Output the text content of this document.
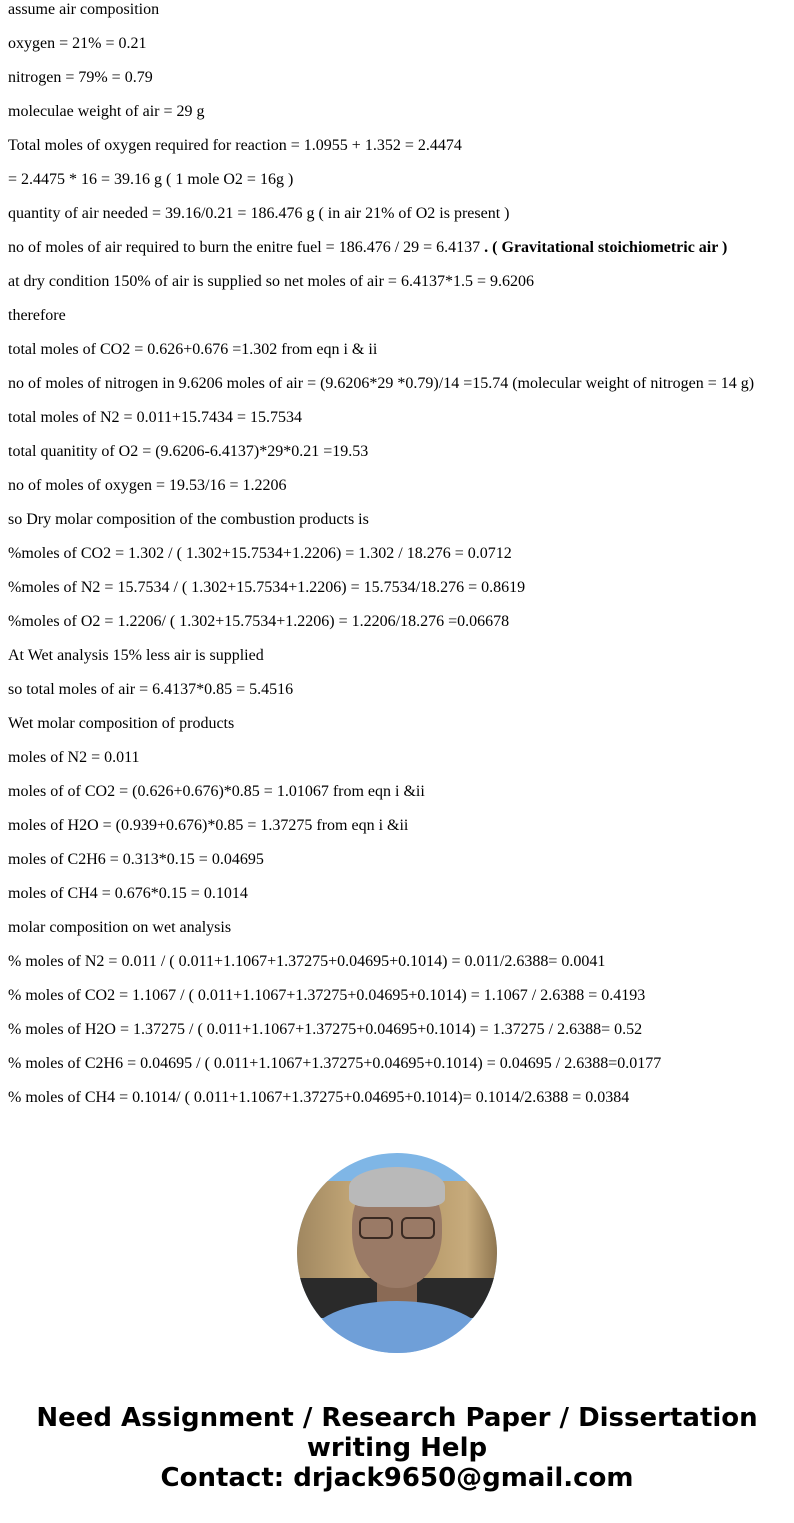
assume air composition

oxygen = 21% = 0.21

nitrogen = 79% = 0.79

moleculae weight of air = 29 g

Total moles of oxygen required for reaction = 1.0955 + 1.352 = 2.4474

= 2.4475 * 16 = 39.16 g ( 1 mole O2 = 16g )

quantity of air needed = 39.16/0.21 = 186.476 g ( in air 21% of O2 is present )

no of moles of air required to burn the enitre fuel = 186.476 / 29 = 6.4137 . ( Gravitational stoichiometric air )

at dry condition 150% of air is supplied so net moles of air = 6.4137*1.5 = 9.6206

therefore

total moles of CO2 = 0.626+0.676 =1.302 from eqn i & ii

no of moles of nitrogen in 9.6206 moles of air = (9.6206*29 *0.79)/14 =15.74 (molecular weight of nitrogen = 14 g)

total moles of N2 = 0.011+15.7434 = 15.7534

total quanitity of O2 = (9.6206-6.4137)*29*0.21 =19.53

no of moles of oxygen = 19.53/16 = 1.2206

so Dry molar composition of the combustion products is

%moles of CO2 = 1.302 / ( 1.302+15.7534+1.2206) = 1.302 / 18.276 = 0.0712

%moles of N2 = 15.7534 / ( 1.302+15.7534+1.2206) = 15.7534/18.276 = 0.8619

%moles of O2 = 1.2206/ ( 1.302+15.7534+1.2206) = 1.2206/18.276 =0.06678

At Wet analysis 15% less air is supplied

so total moles of air = 6.4137*0.85 = 5.4516

Wet molar composition of products

moles of N2 = 0.011

moles of of CO2 = (0.626+0.676)*0.85 = 1.01067 from eqn i &ii

moles of H2O = (0.939+0.676)*0.85 = 1.37275 from eqn i &ii

moles of C2H6 = 0.313*0.15 = 0.04695

moles of CH4 = 0.676*0.15 = 0.1014

molar composition on wet analysis

% moles of N2 = 0.011 / ( 0.011+1.1067+1.37275+0.04695+0.1014) = 0.011/2.6388= 0.0041

% moles of CO2 = 1.1067 / ( 0.011+1.1067+1.37275+0.04695+0.1014) = 1.1067 / 2.6388 = 0.4193

% moles of H2O = 1.37275 / ( 0.011+1.1067+1.37275+0.04695+0.1014) = 1.37275 / 2.6388= 0.52

% moles of C2H6 = 0.04695 / ( 0.011+1.1067+1.37275+0.04695+0.1014) = 0.04695 / 2.6388=0.0177

% moles of CH4 = 0.1014/ ( 0.011+1.1067+1.37275+0.04695+0.1014)= 0.1014/2.6388 = 0.0384

Need Assignment / Research Paper / Dissertation
writing Help
Contact: drjack9650@gmail.com
